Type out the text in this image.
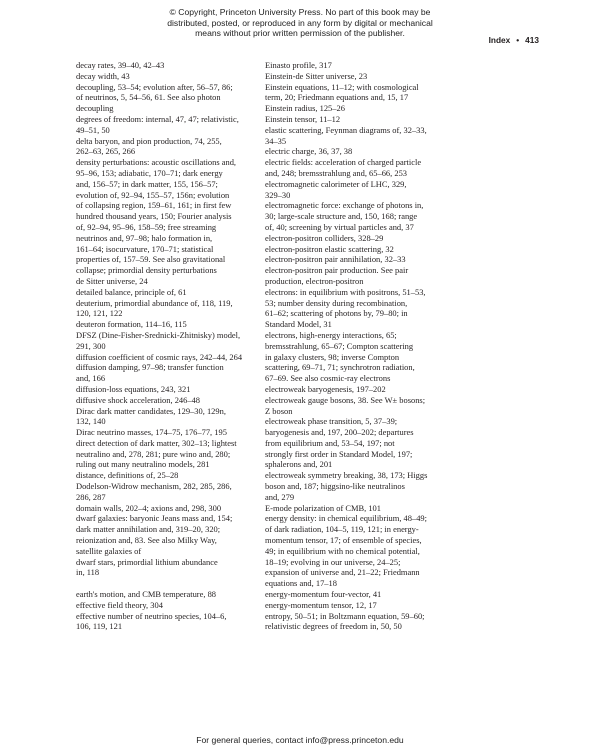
© Copyright, Princeton University Press. No part of this book may be
distributed, posted, or reproduced in any form by digital or mechanical
means without prior written permission of the publisher.
Index • 413
decay rates, 39–40, 42–43
decay width, 43
decoupling, 53–54; evolution after, 56–57, 86;
of neutrinos, 5, 54–56, 61. See also photon
decoupling
degrees of freedom: internal, 47, 47; relativistic,
49–51, 50
delta baryon, and pion production, 74, 255,
262–63, 265, 266
density perturbations: acoustic oscillations and,
95–96, 153; adiabatic, 170–71; dark energy
and, 156–57; in dark matter, 155, 156–57;
evolution of, 92–94, 155–57, 156n; evolution
of collapsing region, 159–61, 161; in first few
hundred thousand years, 150; Fourier analysis
of, 92–94, 95–96, 158–59; free streaming
neutrinos and, 97–98; halo formation in,
161–64; isocurvature, 170–71; statistical
properties of, 157–59. See also gravitational
collapse; primordial density perturbations
de Sitter universe, 24
detailed balance, principle of, 61
deuterium, primordial abundance of, 118, 119,
120, 121, 122
deuteron formation, 114–16, 115
DFSZ (Dine-Fisher-Srednicki-Zhitnisky) model,
291, 300
diffusion coefficient of cosmic rays, 242–44, 264
diffusion damping, 97–98; transfer function
and, 166
diffusion-loss equations, 243, 321
diffusive shock acceleration, 246–48
Dirac dark matter candidates, 129–30, 129n,
132, 140
Dirac neutrino masses, 174–75, 176–77, 195
direct detection of dark matter, 302–13; lightest
neutralino and, 278, 281; pure wino and, 280;
ruling out many neutralino models, 281
distance, definitions of, 25–28
Dodelson-Widrow mechanism, 282, 285, 286,
286, 287
domain walls, 202–4; axions and, 298, 300
dwarf galaxies: baryonic Jeans mass and, 154;
dark matter annihilation and, 319–20, 320;
reionization and, 83. See also Milky Way,
satellite galaxies of
dwarf stars, primordial lithium abundance
in, 118
earth's motion, and CMB temperature, 88
effective field theory, 304
effective number of neutrino species, 104–6,
106, 119, 121
Einasto profile, 317
Einstein-de Sitter universe, 23
Einstein equations, 11–12; with cosmological
term, 20; Friedmann equations and, 15, 17
Einstein radius, 125–26
Einstein tensor, 11–12
elastic scattering, Feynman diagrams of, 32–33,
34–35
electric charge, 36, 37, 38
electric fields: acceleration of charged particle
and, 248; bremsstrahlung and, 65–66, 253
electromagnetic calorimeter of LHC, 329,
329–30
electromagnetic force: exchange of photons in,
30; large-scale structure and, 150, 168; range
of, 40; screening by virtual particles and, 37
electron-positron colliders, 328–29
electron-positron elastic scattering, 32
electron-positron pair annihilation, 32–33
electron-positron pair production. See pair
production, electron-positron
electrons: in equilibrium with positrons, 51–53,
53; number density during recombination,
61–62; scattering of photons by, 79–80; in
Standard Model, 31
electrons, high-energy interactions, 65;
bremsstrahlung, 65–67; Compton scattering
in galaxy clusters, 98; inverse Compton
scattering, 69–71, 71; synchrotron radiation,
67–69. See also cosmic-ray electrons
electroweak baryogenesis, 197–202
electroweak gauge bosons, 38. See W± bosons;
Z boson
electroweak phase transition, 5, 37–39;
baryogenesis and, 197, 200–202; departures
from equilibrium and, 53–54, 197; not
strongly first order in Standard Model, 197;
sphalerons and, 201
electroweak symmetry breaking, 38, 173; Higgs
boson and, 187; higgsino-like neutralinos
and, 279
E-mode polarization of CMB, 101
energy density: in chemical equilibrium, 48–49;
of dark radiation, 104–5, 119, 121; in energy-
momentum tensor, 17; of ensemble of species,
49; in equilibrium with no chemical potential,
18–19; evolving in our universe, 24–25;
expansion of universe and, 21–22; Friedmann
equations and, 17–18
energy-momentum four-vector, 41
energy-momentum tensor, 12, 17
entropy, 50–51; in Boltzmann equation, 59–60;
relativistic degrees of freedom in, 50, 50
For general queries, contact info@press.princeton.edu
